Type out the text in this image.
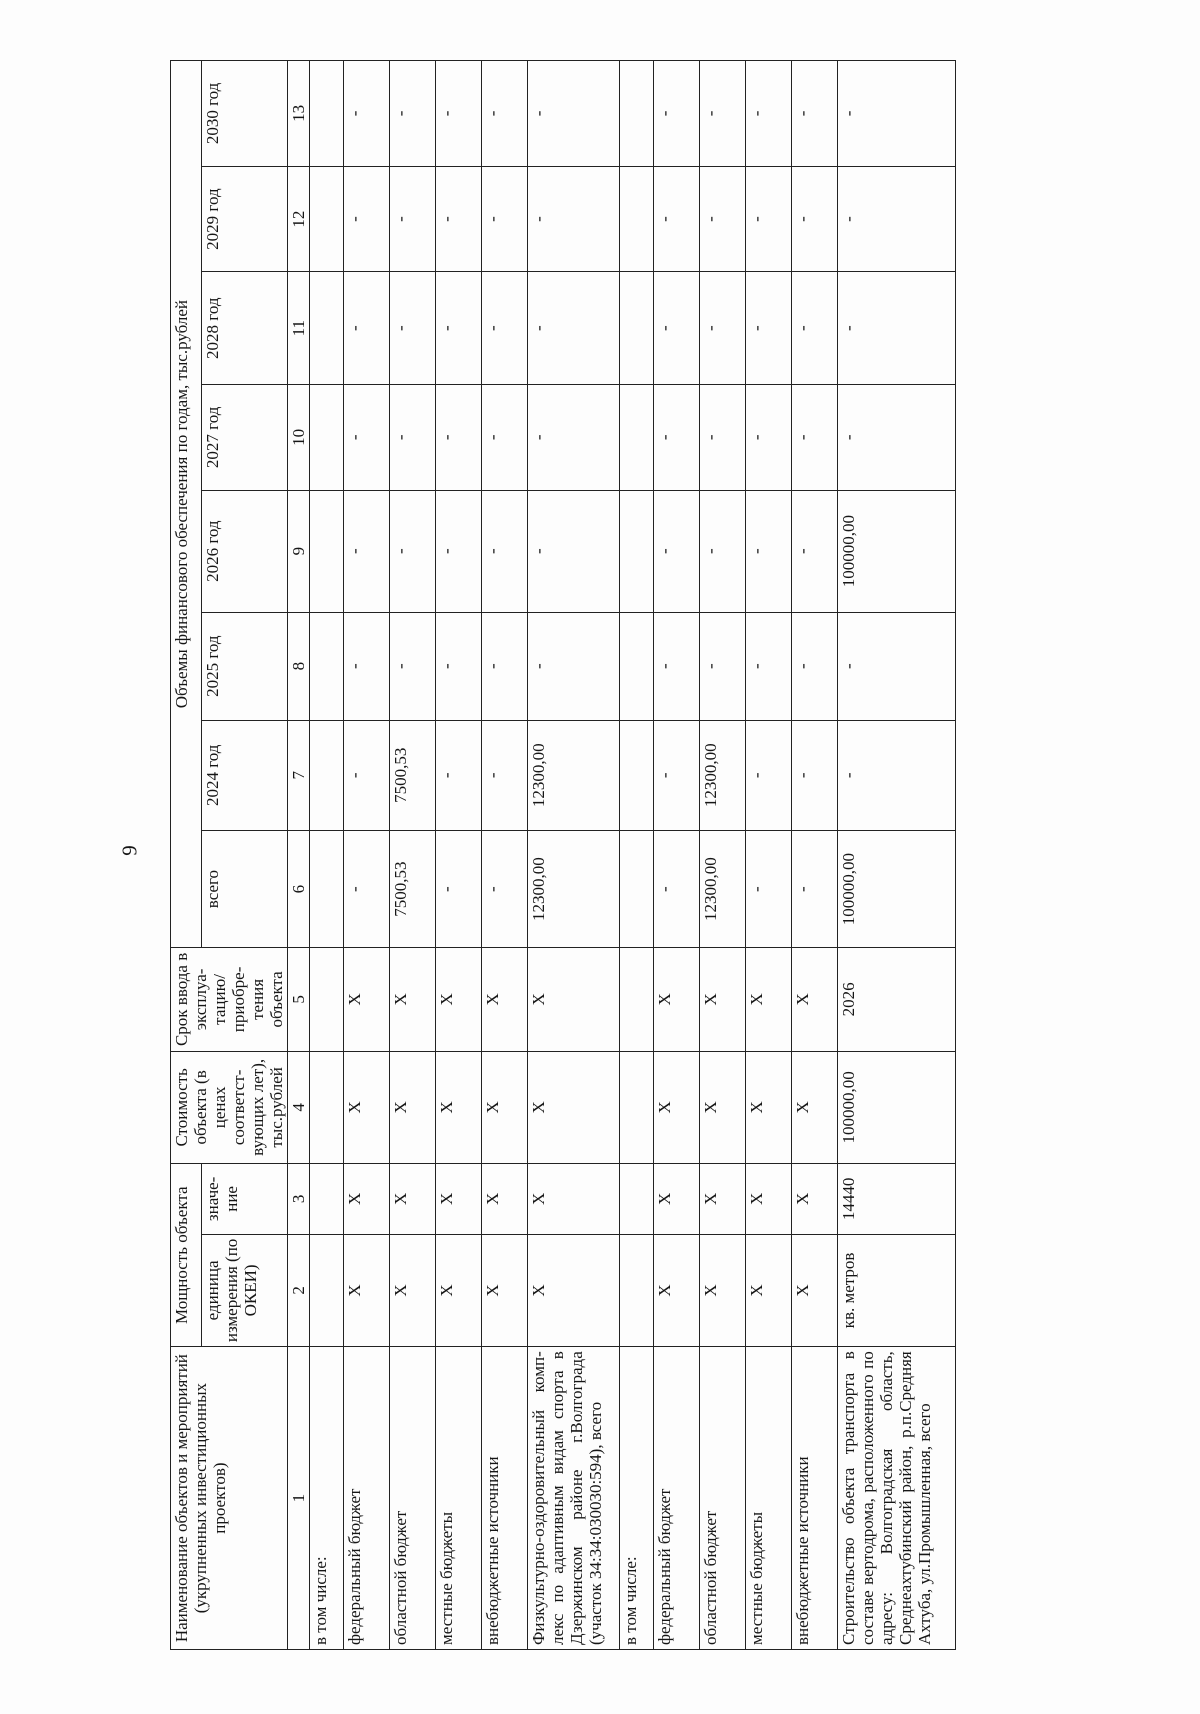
9
Наименование объектов и мероприятий (укрупненных инвестиционных проектов)	Мощность объекта		Стоимость объекта (в ценах соответст- вующих лет), тыс.рублей	Срок ввода в эксплуа- тацию/ приобре- тения объекта	Объемы финансового обеспечения по годам, тыс.рублей							
	единица измерения (по ОКЕИ)	значе- ние			всего	2024 год	2025 год	2026 год	2027 год	2028 год	2029 год	2030 год
1	2	3	4	5	6	7	8	9	10	11	12	13
в том числе:												
федеральный бюджет	X	X	X	X	-	-	-	-	-	-	-	-
областной бюджет	X	X	X	X	7500,53	7500,53	-	-	-	-	-	-
местные бюджеты	X	X	X	X	-	-	-	-	-	-	-	-
внебюджетные источники	X	X	X	X	-	-	-	-	-	-	-	-
Физкультурно-оздоровительный комп- лекс по адаптивным видам спорта в Дзержинском районе г.Волгограда (участок 34:34:030030:594), всего	X	X	X	X	12300,00	12300,00	-	-	-	-	-	-
в том числе:												
федеральный бюджет	X	X	X	X	-	-	-	-	-	-	-	-
областной бюджет	X	X	X	X	12300,00	12300,00	-	-	-	-	-	-
местные бюджеты	X	X	X	X	-	-	-	-	-	-	-	-
внебюджетные источники	X	X	X	X	-	-	-	-	-	-	-	-
Строительство объекта транспорта в составе вертодрома, расположенного по адресу: Волгоградская область, Среднеахтубинский район, р.п.Средняя Ахтуба, ул.Промышленная, всего	кв. метров	14440	100000,00	2026	100000,00	-	-	100000,00	-	-	-	-
